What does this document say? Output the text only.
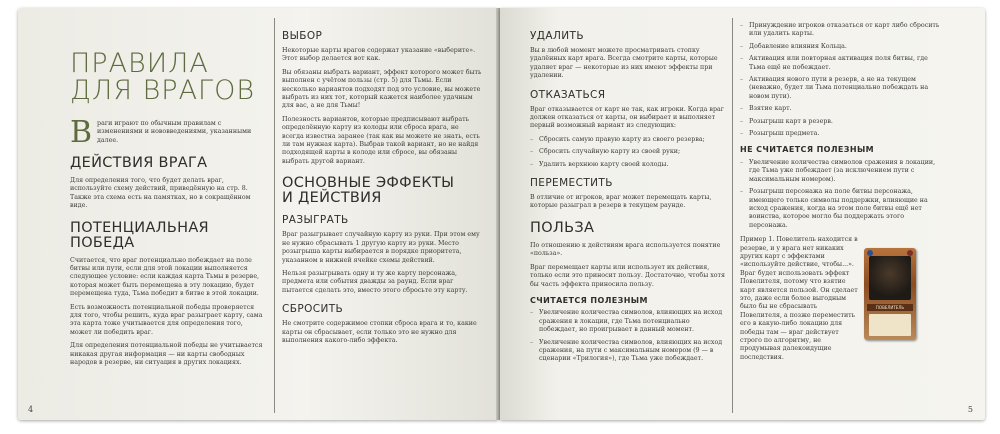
ПРАВИЛА
ДЛЯ ВРАГОВ
В раги играют по обычным правилам с изменениями и нововведениями, указанными далее.
ДЕЙСТВИЯ ВРАГА

Для определения того, что будет делать враг, используйте схему действий, приведённую на стр. 8. Также эта схема есть на памятках, но в сокращённом виде.

ПОТЕНЦИАЛЬНАЯ
ПОБЕДА

Считается, что враг потенциально побеждает на поле битвы или пути, если для этой локации выполняется следующее условие: если каждая карта Тьмы в резерве, которая может быть перемещена в эту локацию, будет перемещена туда, Тьма победит в битве в этой локации.

Есть возможность потенциальной победы проверяется для того, чтобы решить, куда враг разыграет карту, сама эта карта тоже учитывается для определения того, может ли победить враг.

Для определения потенциальной победы не учитывается никакая другая информация — ни карты свободных народов в резерве, ни ситуация в других локациях.

ВЫБОР

Некоторые карты врагов содержат указание «выберите». Этот выбор делается вот как.

Вы обязаны выбрать вариант, эффект которого может быть выполнен с учётом пользы (стр. 5) для Тьмы. Если несколько вариантов подходят под это условие, вы можете выбрать из них тот, который кажется наиболее удачным для вас, а не для Тьмы!

Полезность вариантов, которые предписывают выбрать определённую карту из колоды или сброса врага, не всегда известна заранее (так как вы можете не знать, есть ли там нужная карта). Выбрав такой вариант, но не найдя подходящей карты в колоде или сбросе, вы обязаны выбрать другой вариант.

ОСНОВНЫЕ ЭФФЕКТЫ
И ДЕЙСТВИЯ
РАЗЫГРАТЬ

Враг разыгрывает случайную карту из руки. При этом ему не нужно сбрасывать 1 другую карту из руки. Место розыгрыша карты выбирается в порядке приоритета, указанном в нижней ячейке схемы действий.

Нельзя разыгрывать одну и ту же карту персонажа, предмета или события дважды за раунд. Если враг пытается сделать это, вместо этого сбросьте эту карту.

СБРОСИТЬ

Не смотрите содержимое стопки сброса врага и то, какие карты он сбрасывает, если только это не нужно для выполнения какого-либо эффекта.

4
УДАЛИТЬ

Вы в любой момент можете просматривать стопку удалённых карт врага. Всегда смотрите карты, которые удаляет враг — некоторые из них имеют эффекты при удалении.

ОТКАЗАТЬСЯ

Враг отказывается от карт не так, как игроки. Когда враг должен отказаться от карты, он выбирает и выполняет первый возможный вариант из следующих:

– Сбросить самую правую карту из своего резерва;
– Сбросить случайную карту из своей руки;
– Удалить верхнюю карту своей колоды.
ПЕРЕМЕСТИТЬ

В отличие от игроков, враг может перемещать карты, которые разыграл в резерв в текущем раунде.

ПОЛЬЗА

По отношению к действиям врага используется понятие «польза».

Враг перемещает карты или использует их действия, только если это приносит пользу. Достаточно, чтобы хотя бы часть эффекта приносила пользу.

СЧИТАЕТСЯ ПОЛЕЗНЫМ
– Увеличение количества символов, влияющих на исход сражения в локации, где Тьма потенциально побеждает, но проигрывает в данный момент.
– Увеличение количества символов, влияющих на исход сражения, на пути с максимальным номером (9 — в сценарии «Трилогия»), где Тьма уже побеждает.
– Принуждение игроков отказаться от карт либо сбросить или удалить карты.
– Добавление влияния Кольца.
– Активация или повторная активация поля битвы, где Тьма ещё не побеждает.
– Активация нового пути в резерв, а не на текущем (неважно, будет ли Тьма потенциально побеждать на новом пути).
– Взятие карт.
– Розыгрыш карт в резерв.
– Розыгрыш предмета.
НЕ СЧИТАЕТСЯ ПОЛЕЗНЫМ
– Увеличение количества символов сражения в локации, где Тьма уже побеждает (за исключением пути с максимальным номером).
– Розыгрыш персонажа на поле битвы персонажа, имеющего только символы поддержки, влияющие на исход сражения, когда на этом поле битвы ещё нет воинства, которое могло бы поддержать этого персонажа.

Пример 1. Повелитель находится в резерве, и у врага нет никаких других карт с эффектами «используйте действие, чтобы...». Враг будет использовать эффект Повелителя, потому что взятие карт является пользой. Он сделает это, даже если более выгодным было бы не сбрасывать Повелителя, а позже переместить его в какую-либо локацию для победы там — враг действует строго по алгоритму, не продумывая далекоидущие последствия.

ПОВЕЛИТЕЛЬ
5
